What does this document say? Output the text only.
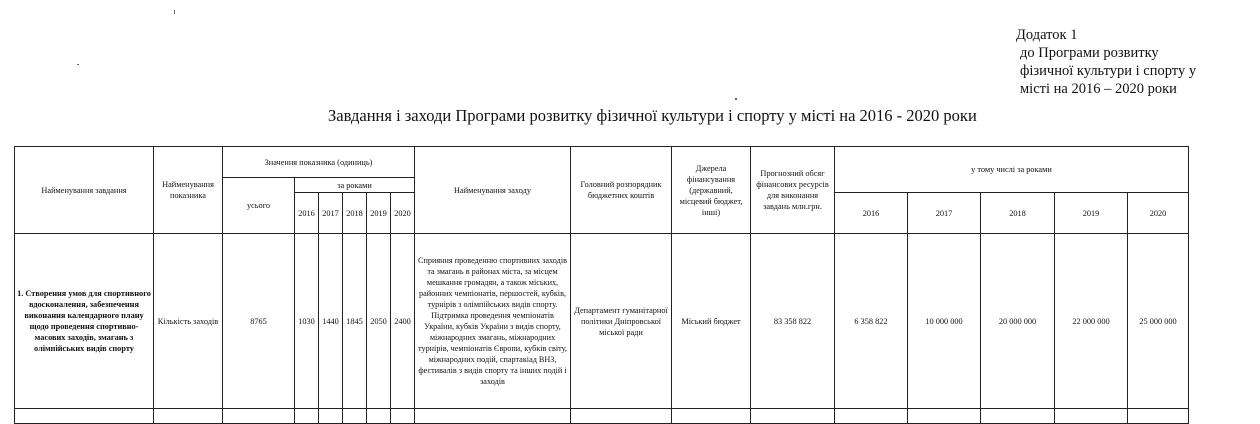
Додаток 1
до Програми розвитку
фізичної культури і спорту у
місті на 2016 – 2020 роки
Завдання і заходи Програми розвитку фізичної культури і спорту у місті на 2016 - 2020 роки
Найменування завдання	Найменування показника	Значення показника (одиниць)						Найменування заходу	Головний розпорядник бюджетних коштів	Джерела фінансування (державний, місцевий бюджет, інші)	Прогнозний обсяг фінансових ресурсів для виконання завдань млн.грн.	у тому числі за роками				
		усього	за роками													
			2016	2017	2018	2019	2020					2016	2017	2018	2019	2020
1. Створення умов для спортивного вдосконалення, забезпечення виконання календарного плану щодо проведення спортивно-масових заходів, змагань з олімпійських видів спорту	Кількість заходів	8765	1030	1440	1845	2050	2400	Сприяння проведенню спортивних заходів та змагань в районах міста, за місцем мешкання громадян, а також міських, районних чемпіонатів, першостей, кубків, турнірів з олімпійських видів спорту. Підтримка проведення чемпіонатів України, кубків України з видів спорту, міжнародних змагань, міжнародних турнірів, чемпіонатів Європи, кубків світу, міжнародних подій, спартакіад ВНЗ, фестивалів з видів спорту та інших подій і заходів	Департамент гуманітарної політики Дніпровської міської ради	Міський бюджет	83 358 822	6 358 822	10 000 000	20 000 000	22 000 000	25 000 000
